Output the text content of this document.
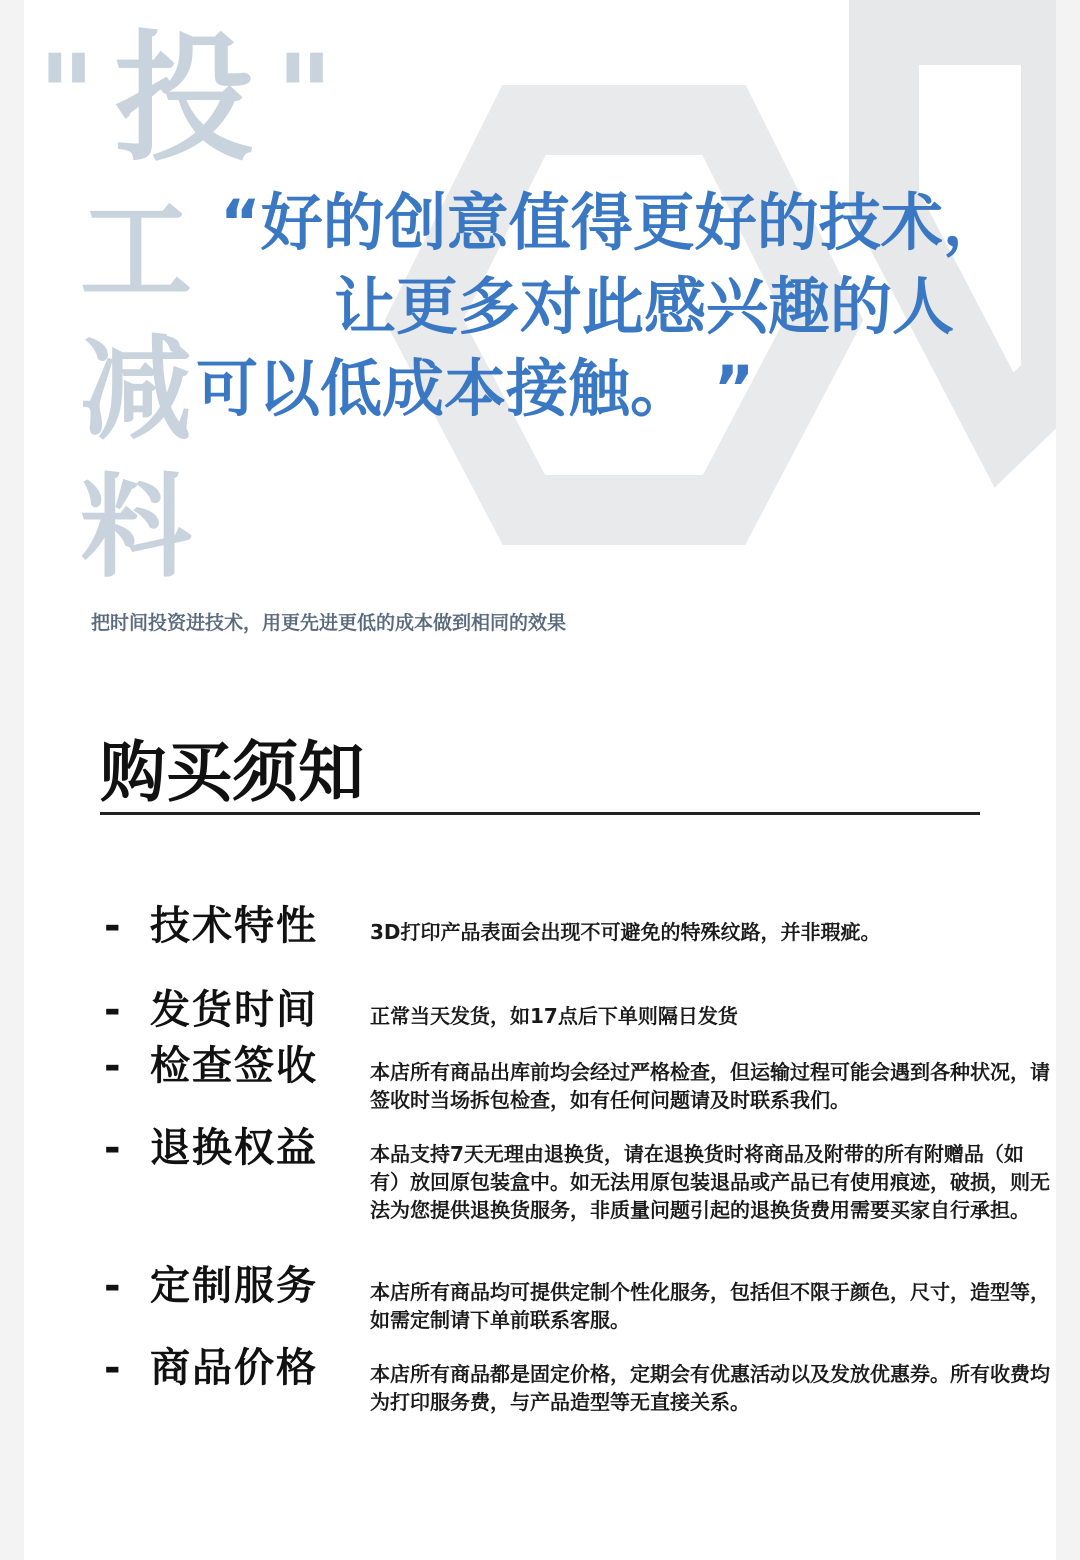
" 投 "
工
减
料
“好的创意值得更好的技术，
让更多对此感兴趣的人
可以低成本接触。 ”
把时间投资进技术，用更先进更低的成本做到相同的效果
购买须知
- 技术特性	3D打印产品表面会出现不可避免的特殊纹路，并非瑕疵。
- 发货时间	正常当天发货，如17点后下单则隔日发货
- 检查签收	本店所有商品出库前均会经过严格检查，但运输过程可能会遇到各种状况，请签收时当场拆包检查，如有任何问题请及时联系我们。
- 退换权益	本品支持7天无理由退换货，请在退换货时将商品及附带的所有附赠品（如有）放回原包装盒中。如无法用原包装退品或产品已有使用痕迹，破损，则无法为您提供退换货服务，非质量问题引起的退换货费用需要买家自行承担。
- 定制服务	本店所有商品均可提供定制个性化服务，包括但不限于颜色，尺寸，造型等，如需定制请下单前联系客服。
- 商品价格	本店所有商品都是固定价格，定期会有优惠活动以及发放优惠券。所有收费均为打印服务费，与产品造型等无直接关系。
